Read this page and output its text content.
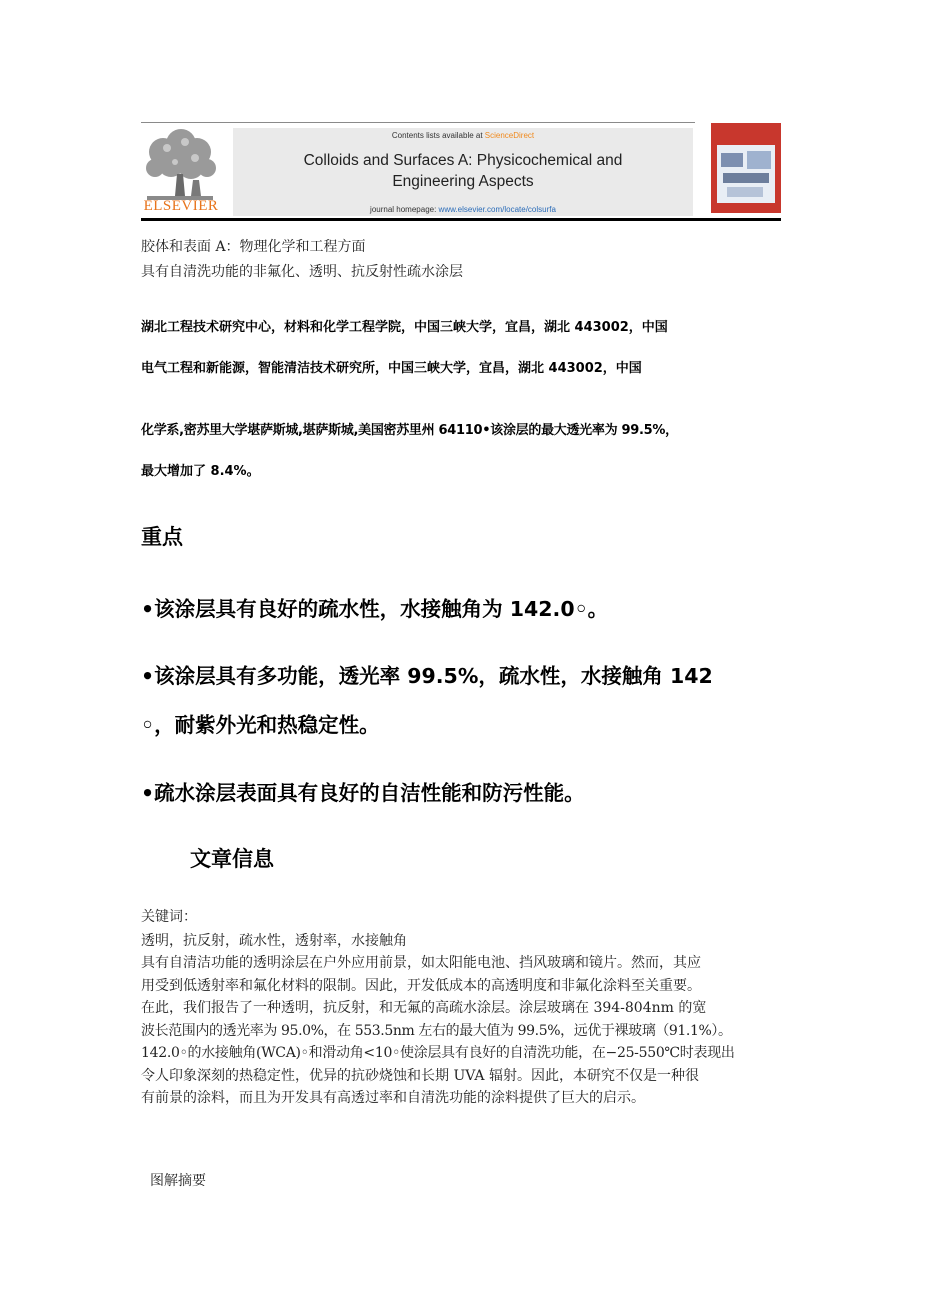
ELSEVIER
Contents lists available at ScienceDirect
Colloids and Surfaces A: Physicochemical and
Engineering Aspects
journal homepage: www.elsevier.com/locate/colsurfa
胶体和表面 A：物理化学和工程方面
具有自清洗功能的非氟化、透明、抗反射性疏水涂层
湖北工程技术研究中心，材料和化学工程学院，中国三峡大学，宜昌，湖北 443002，中国
电气工程和新能源，智能清洁技术研究所，中国三峡大学，宜昌，湖北 443002，中国
化学系,密苏里大学堪萨斯城,堪萨斯城,美国密苏里州 64110•该涂层的最大透光率为 99.5%，
最大增加了 8.4%。
重点
•该涂层具有良好的疏水性，水接触角为 142.0◦。
•该涂层具有多功能，透光率 99.5%，疏水性，水接触角 142
◦，耐紫外光和热稳定性。
•疏水涂层表面具有良好的自洁性能和防污性能。
文章信息
关键词：
透明，抗反射，疏水性，透射率，水接触角
具有自清洁功能的透明涂层在户外应用前景，如太阳能电池、挡风玻璃和镜片。然而，其应
用受到低透射率和氟化材料的限制。因此，开发低成本的高透明度和非氟化涂料至关重要。
在此，我们报告了一种透明，抗反射，和无氟的高疏水涂层。涂层玻璃在 394-804nm 的宽
波长范围内的透光率为 95.0%，在 553.5nm 左右的最大值为 99.5%，远优于裸玻璃（91.1%）。
142.0◦的水接触角(WCA)◦和滑动角<10◦使涂层具有良好的自清洗功能，在−25-550℃时表现出
令人印象深刻的热稳定性，优异的抗砂烧蚀和长期 UVA 辐射。因此，本研究不仅是一种很
有前景的涂料，而且为开发具有高透过率和自清洗功能的涂料提供了巨大的启示。
图解摘要
